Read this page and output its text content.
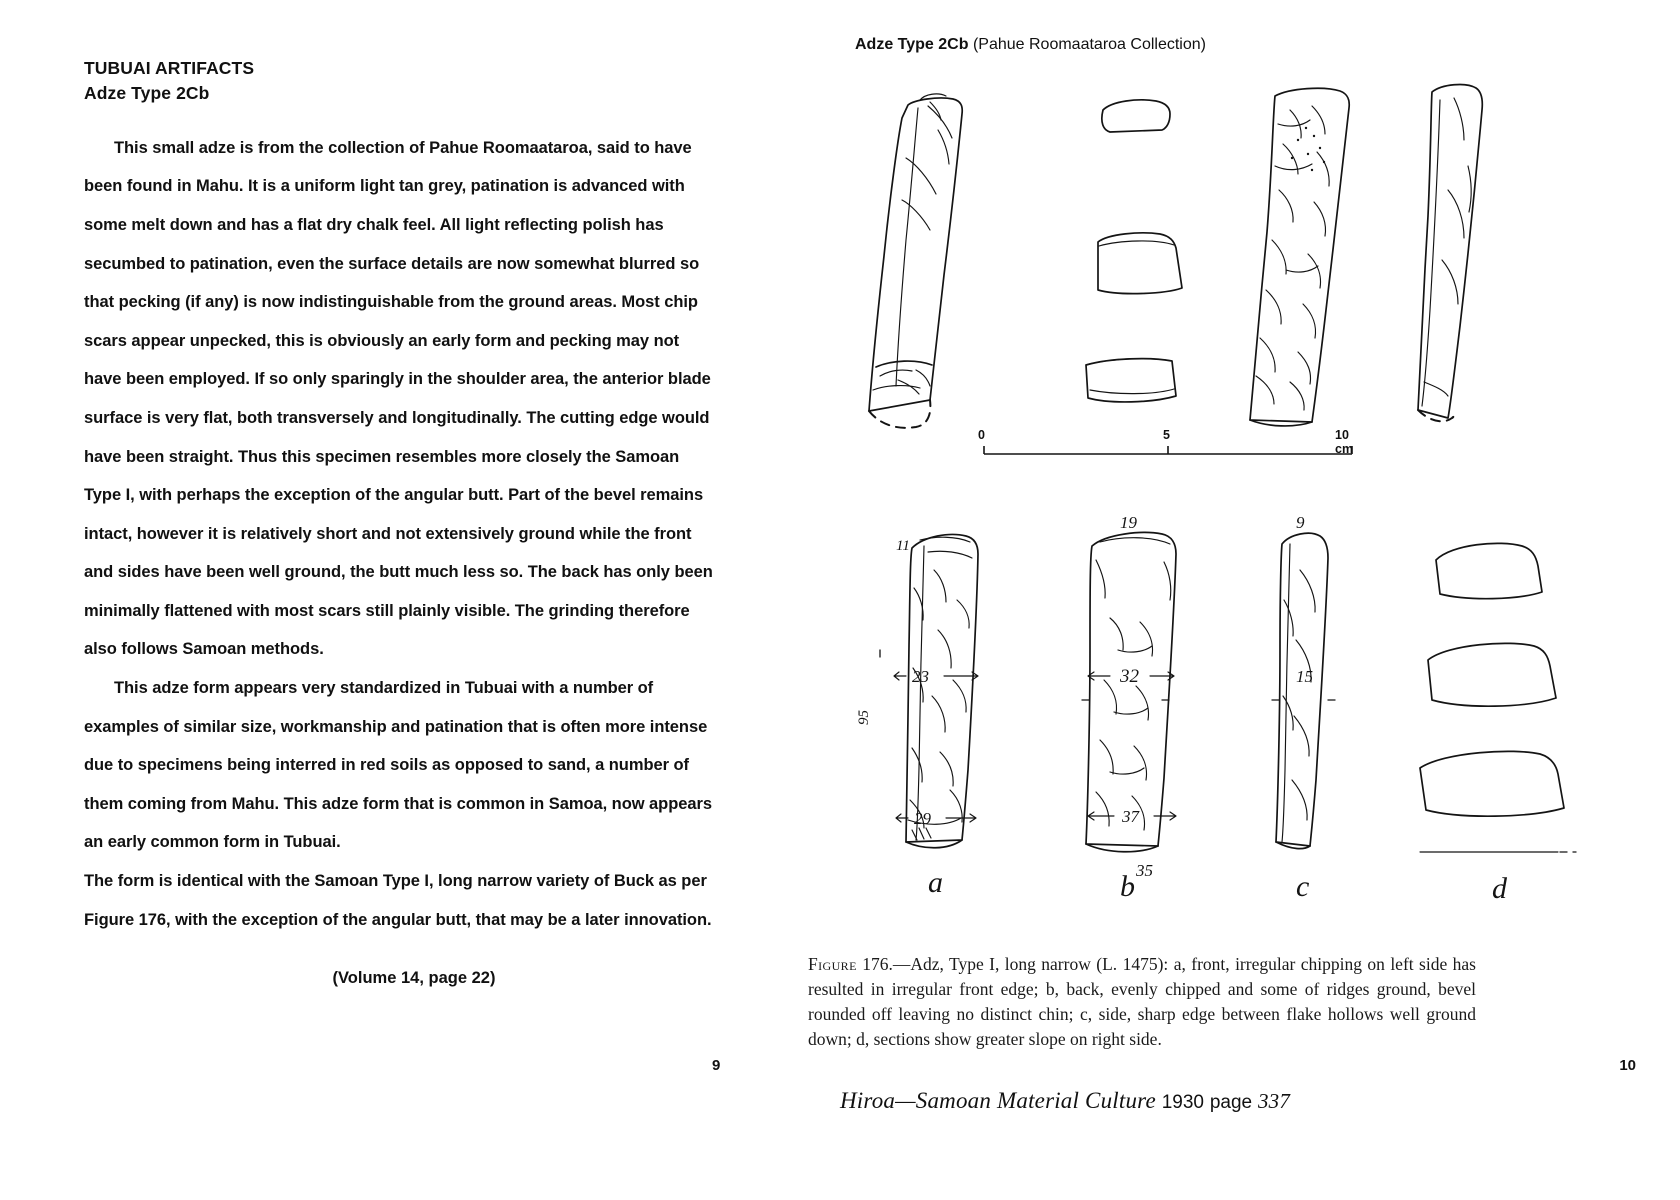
TUBUAI ARTIFACTS
Adze Type 2Cb

This small adze is from the collection of Pahue Roomaataroa, said to have been found in Mahu. It is a uniform light tan grey, patination is advanced with some melt down and has a flat dry chalk feel. All light reflecting polish has secumbed to patination, even the surface details are now somewhat blurred so that pecking (if any) is now indistinguishable from the ground areas. Most chip scars appear unpecked, this is obviously an early form and pecking may not have been employed. If so only sparingly in the shoulder area, the anterior blade surface is very flat, both transversely and longitudinally. The cutting edge would have been straight. Thus this specimen resembles more closely the Samoan Type I, with perhaps the exception of the angular butt. Part of the bevel remains intact, however it is relatively short and not extensively ground while the front and sides have been well ground, the butt much less so. The back has only been minimally flattened with most scars still plainly visible. The grinding therefore also follows Samoan methods.

This adze form appears very standardized in Tubuai with a number of examples of similar size, workmanship and patination that is often more intense due to specimens being interred in red soils as opposed to sand, a number of them coming from Mahu. This adze form that is common in Samoa, now appears an early common form in Tubuai.

The form is identical with the Samoan Type I, long narrow variety of Buck as per Figure 176, with the exception of the angular butt, that may be a later innovation.

(Volume 14, page 22)
9
Adze Type 2Cb (Pahue Roomaataroa Collection)
0	5	10 cm
a
11
95
23
29
b
19
32
37
35	c
9
15
d
Figure 176.—Adz, Type I, long narrow (L. 1475): a, front, irregular chipping on left side has resulted in irregular front edge; b, back, evenly chipped and some of ridges ground, bevel rounded off leaving no distinct chin; c, side, sharp edge between flake hollows well ground down; d, sections show greater slope on right side.
Hiroa—Samoan Material Culture 1930 page 337
10
